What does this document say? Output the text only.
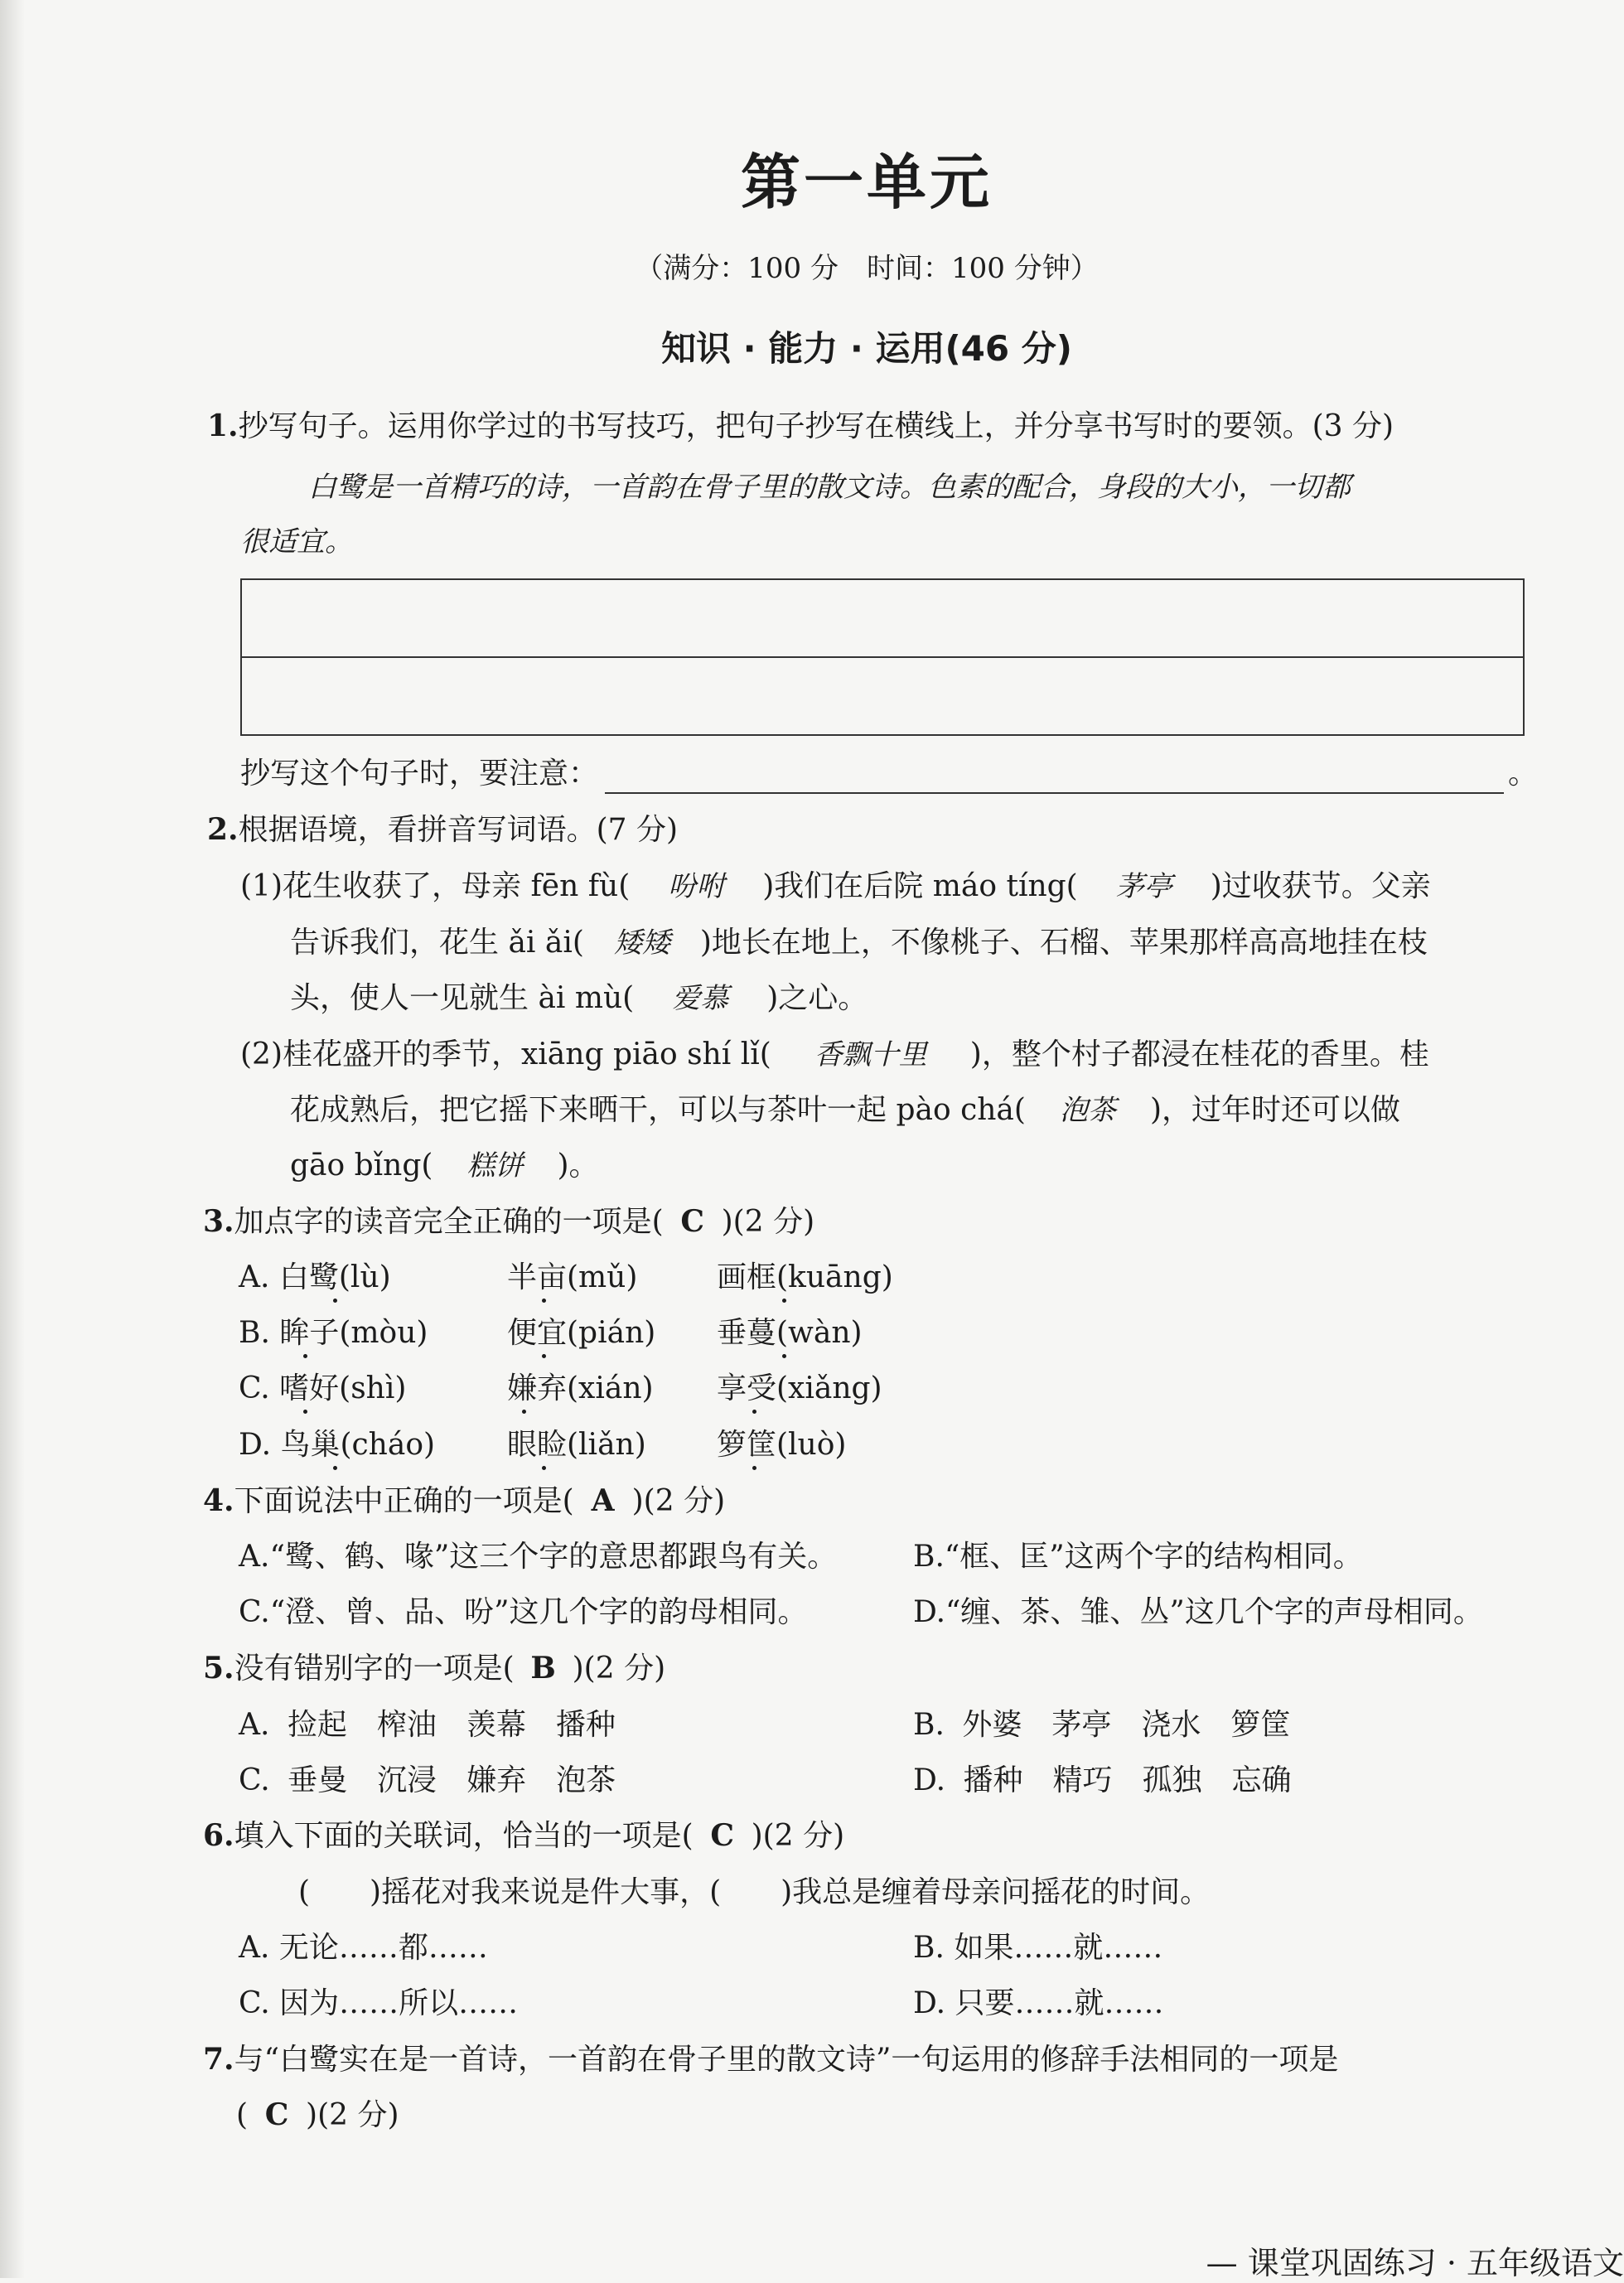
第一单元
（满分：100 分　时间：100 分钟）
知识 · 能力 · 运用(46 分)
1.抄写句子。运用你学过的书写技巧，把句子抄写在横线上，并分享书写时的要领。(3 分)
白鹭是一首精巧的诗，一首韵在骨子里的散文诗。色素的配合，身段的大小，一切都
很适宜。
抄写这个句子时，要注意：	。
2.根据语境，看拼音写词语。(7 分)
(1)花生收获了，母亲 fēn fù( 吩咐 )我们在后院 máo tíng( 茅亭 )过收获节。父亲
告诉我们，花生 ǎi ǎi( 矮矮 )地长在地上，不像桃子、石榴、苹果那样高高地挂在枝
头，使人一见就生 ài mù( 爱慕 )之心。
(2)桂花盛开的季节，xiāng piāo shí lǐ( 香飘十里 )，整个村子都浸在桂花的香里。桂
花成熟后，把它摇下来晒干，可以与茶叶一起 pào chá( 泡茶 )，过年时还可以做
gāo bǐng( 糕饼 )。
3.加点字的读音完全正确的一项是( C )(2 分)
A. 白鹭(lù)	半亩(mǔ)	画框(kuāng)
B. 眸子(mòu)	便宜(pián) 垂蔓(wàn)
C. 嗜好(shì)	嫌弃(xián) 享受(xiǎng)
D. 鸟巢(cháo) 眼睑(liǎn) 箩筐(luò)
4.下面说法中正确的一项是( A )(2 分)
A.“鹭、鹤、喙”这三个字的意思都跟鸟有关。	B.“框、匡”这两个字的结构相同。
C.“澄、曾、品、吩”这几个字的韵母相同。	D.“缠、茶、雏、丛”这几个字的声母相同。
5.没有错别字的一项是( B )(2 分)
A. 捡起　榨油　羡幕　播种	B. 外婆　茅亭　浇水　箩筐
C. 垂曼　沉浸　嫌弃　泡茶	D. 播种　精巧　孤独　忘确
6.填入下面的关联词，恰当的一项是( C )(2 分)
(　　)摇花对我来说是件大事，(　　)我总是缠着母亲问摇花的时间。
A. 无论……都……	B. 如果……就……
C. 因为……所以……	D. 只要……就……
7.与“白鹭实在是一首诗，一首韵在骨子里的散文诗”一句运用的修辞手法相同的一项是
( C )(2 分)
— 课堂巩固练习 · 五年级语文
